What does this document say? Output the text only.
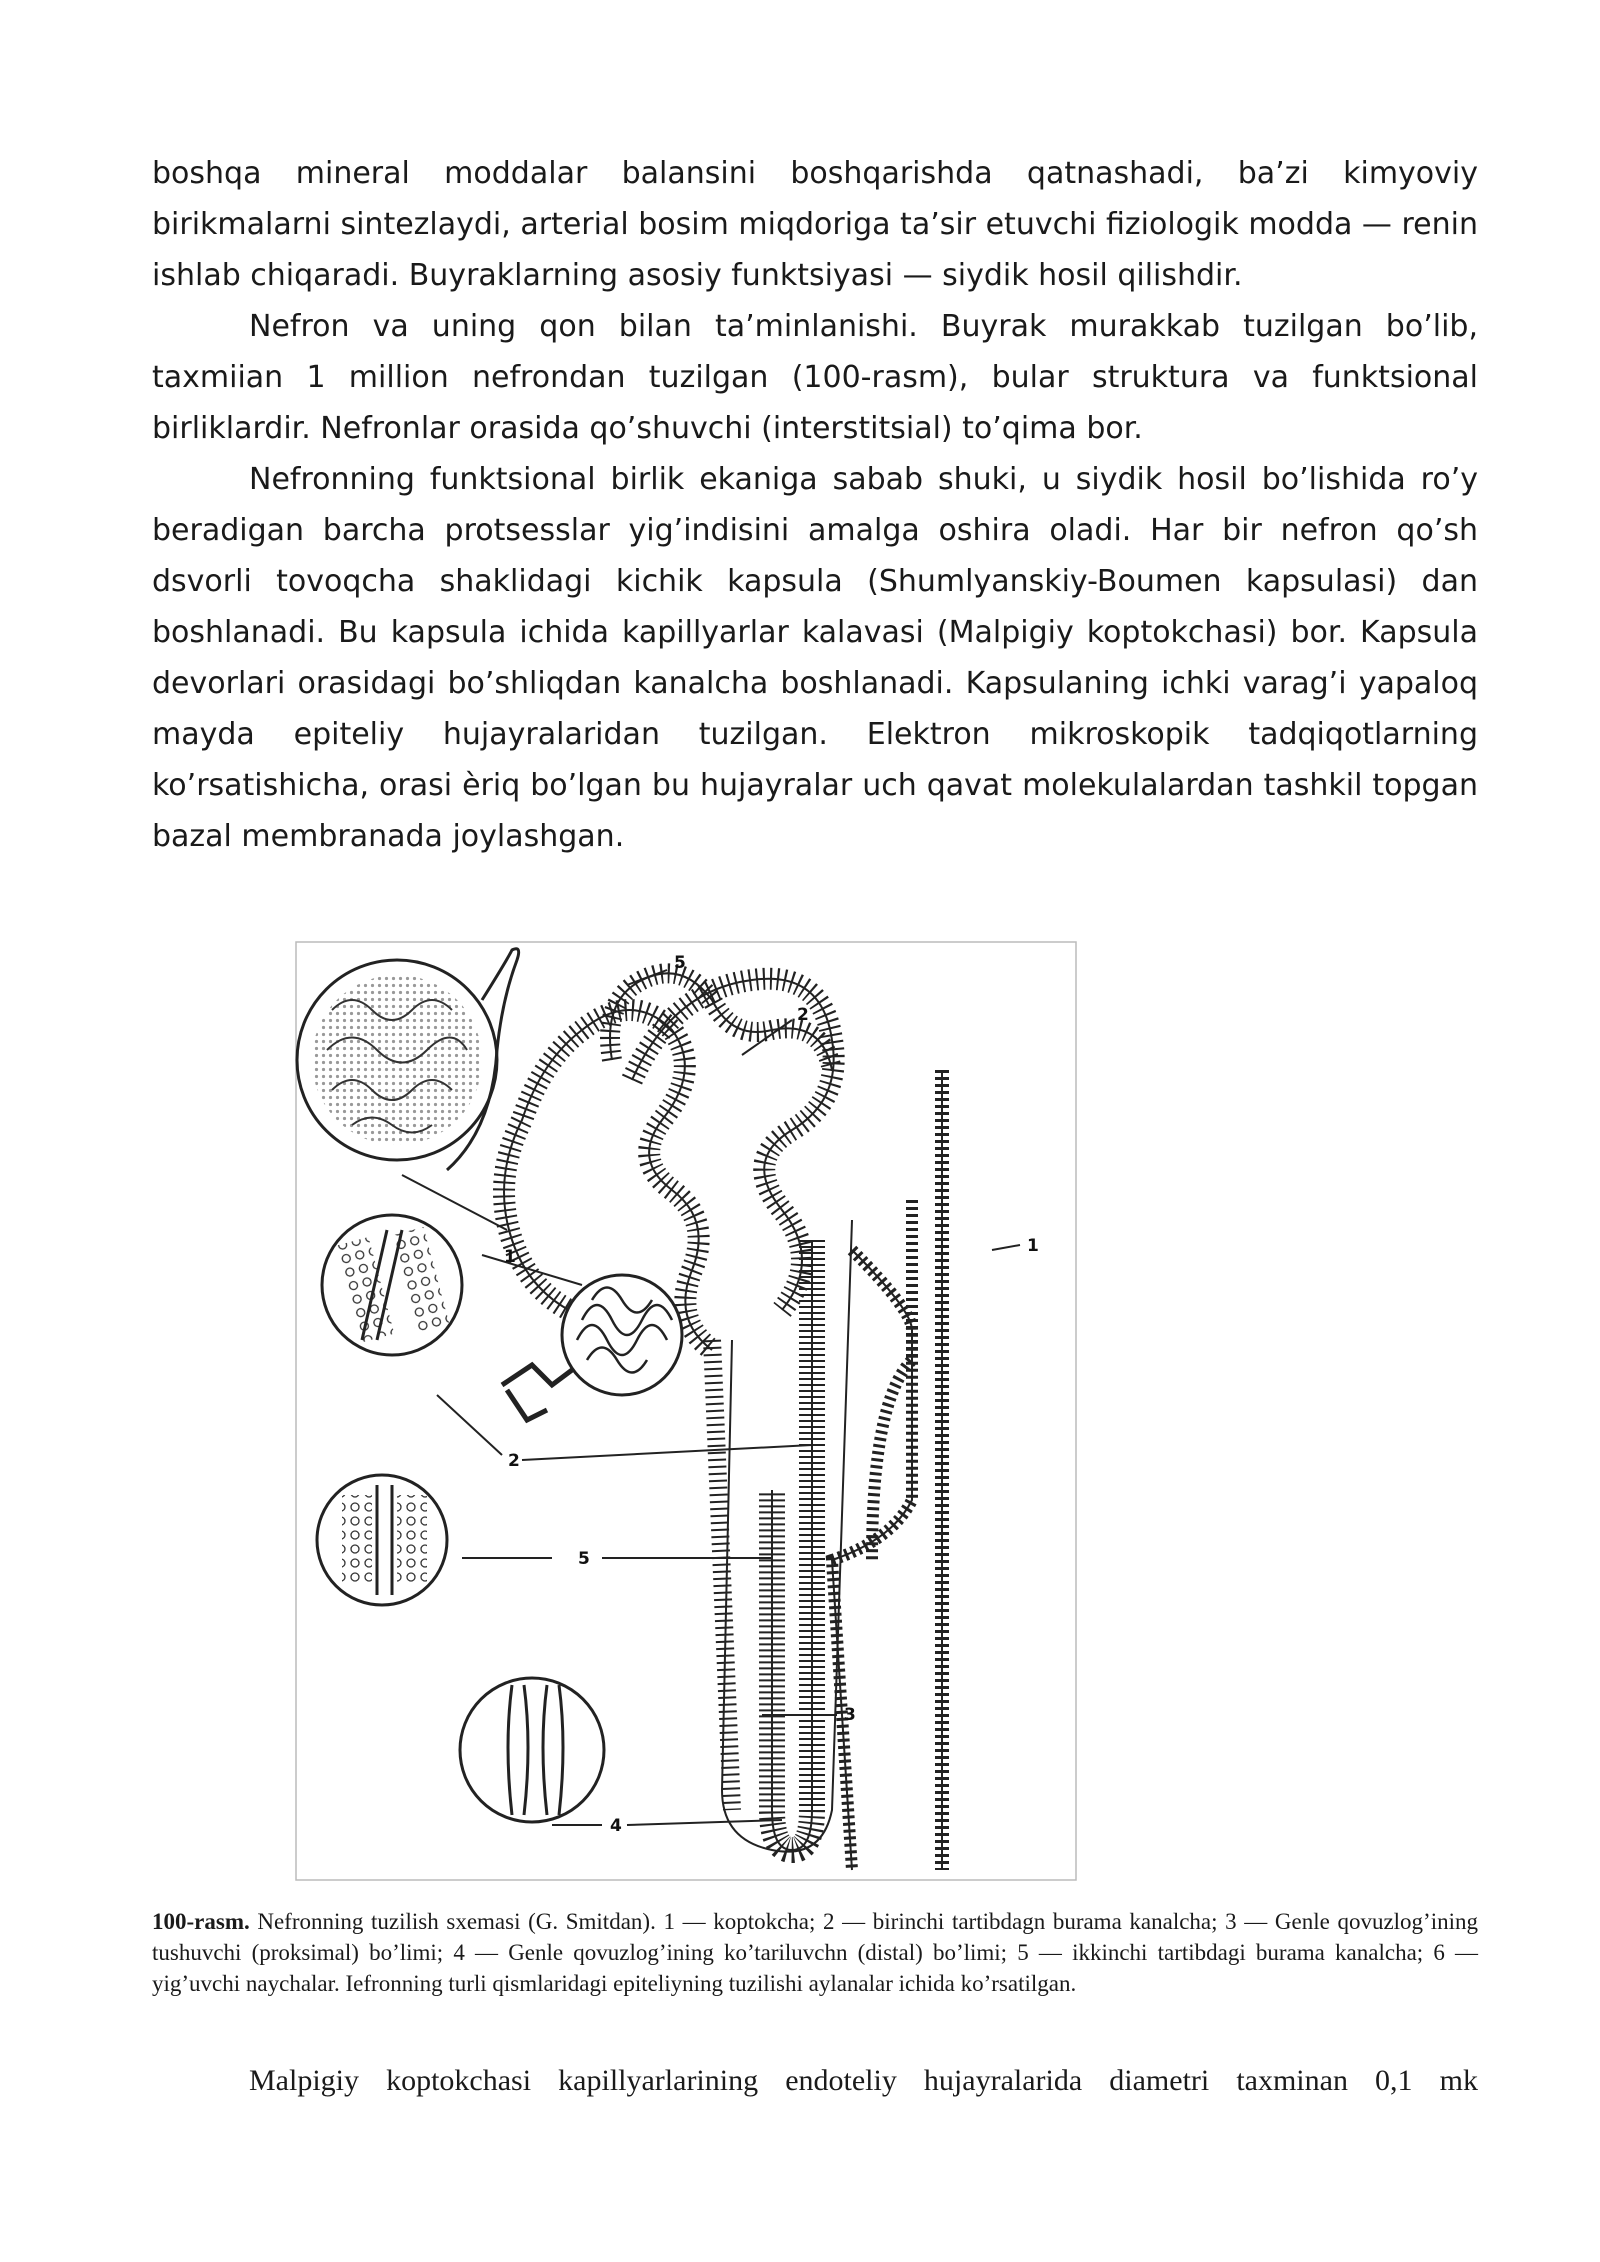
boshqa mineral moddalar balansini boshqarishda qatnashadi, ba’zi kimyoviy birikmalarni sintezlaydi, arterial bosim miqdoriga ta’sir etuvchi fiziologik modda — renin ishlab chiqaradi. Buyraklarning asosiy funktsiyasi — siydik hosil qilishdir.

Nefron va uning qon bilan ta’minlanishi. Buyrak murakkab tuzilgan bo’lib, taxmiian 1 million nefrondan tuzilgan (100-rasm), bular struktura va funktsional birliklardir. Nefronlar orasida qo’shuvchi (interstitsial) to’qima bor.

Nefronning funktsional birlik ekaniga sabab shuki, u siydik hosil bo’lishida ro’y beradigan barcha protsesslar yig’indisini amalga oshira oladi. Har bir nefron qo’sh dsvorli tovoqcha shaklidagi kichik kapsula (Shumlyanskiy-Boumen kapsulasi) dan boshlanadi. Bu kapsula ichida kapillyarlar kalavasi (Malpigiy koptokchasi) bor. Kapsula devorlari orasidagi bo’shliqdan kanalcha boshlanadi. Kapsulaning ichki varag’i yapaloq mayda epiteliy hujayralaridan tuzilgan. Elektron mikroskopik tadqiqotlarning ko’rsatishicha, orasi èriq bo’lgan bu hujayralar uch qavat molekulalardan tashkil topgan bazal membranada joylashgan.

5
2
1
1
2
5
3
4
100-rasm. Nefronning tuzilish sxemasi (G. Smitdan). 1 — koptokcha; 2 — birinchi tartibdagn burama kanalcha; 3 — Genle qovuzlog’ining tushuvchi (proksimal) bo’limi; 4 — Genle qovuzlog’ining ko’tariluvchn (distal) bo’limi; 5 — ikkinchi tartibdagi burama kanalcha; 6 — yig’uvchi naychalar. Iefronning turli qismlaridagi epiteliyning tuzilishi aylanalar ichida ko’rsatilgan.

Malpigiy koptokchasi kapillyarlarining endoteliy hujayralarida diametri taxminan 0,1 mk
